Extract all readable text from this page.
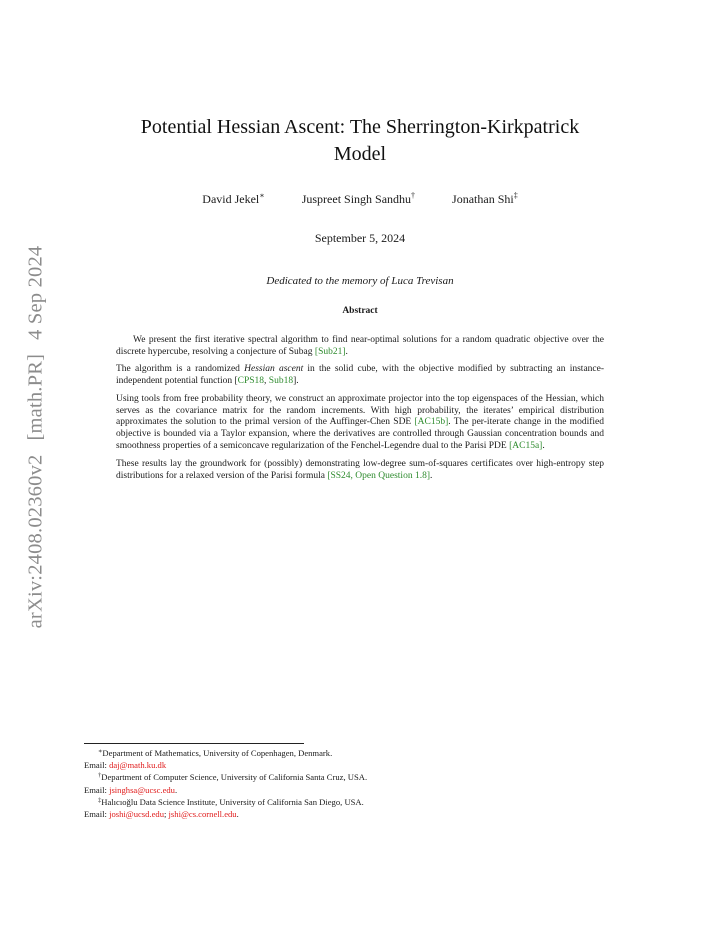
arXiv:2408.02360v2[math.PR]4 Sep 2024
Potential Hessian Ascent: The Sherrington-Kirkpatrick
Model
David Jekel∗	Juspreet Singh Sandhu†	Jonathan Shi‡
September 5, 2024
Dedicated to the memory of Luca Trevisan
Abstract

We present the first iterative spectral algorithm to find near-optimal solutions for a random quadratic objective over the discrete hypercube, resolving a conjecture of Subag [Sub21].

The algorithm is a randomized Hessian ascent in the solid cube, with the objective modified by subtracting an instance-independent potential function [CPS18, Sub18].

Using tools from free probability theory, we construct an approximate projector into the top eigenspaces of the Hessian, which serves as the covariance matrix for the random increments. With high probability, the iterates’ empirical distribution approximates the solution to the primal version of the Auffinger-Chen SDE [AC15b]. The per-iterate change in the modified objective is bounded via a Taylor expansion, where the derivatives are controlled through Gaussian concentration bounds and smoothness properties of a semiconcave regularization of the Fenchel-Legendre dual to the Parisi PDE [AC15a].

These results lay the groundwork for (possibly) demonstrating low-degree sum-of-squares certificates over high-entropy step distributions for a relaxed version of the Parisi formula [SS24, Open Question 1.8].

∗Department of Mathematics, University of Copenhagen, Denmark.
Email: daj@math.ku.dk
†Department of Computer Science, University of California Santa Cruz, USA.
Email: jsinghsa@ucsc.edu.
‡Halıcıoğlu Data Science Institute, University of California San Diego, USA.
Email: joshi@ucsd.edu; jshi@cs.cornell.edu.
